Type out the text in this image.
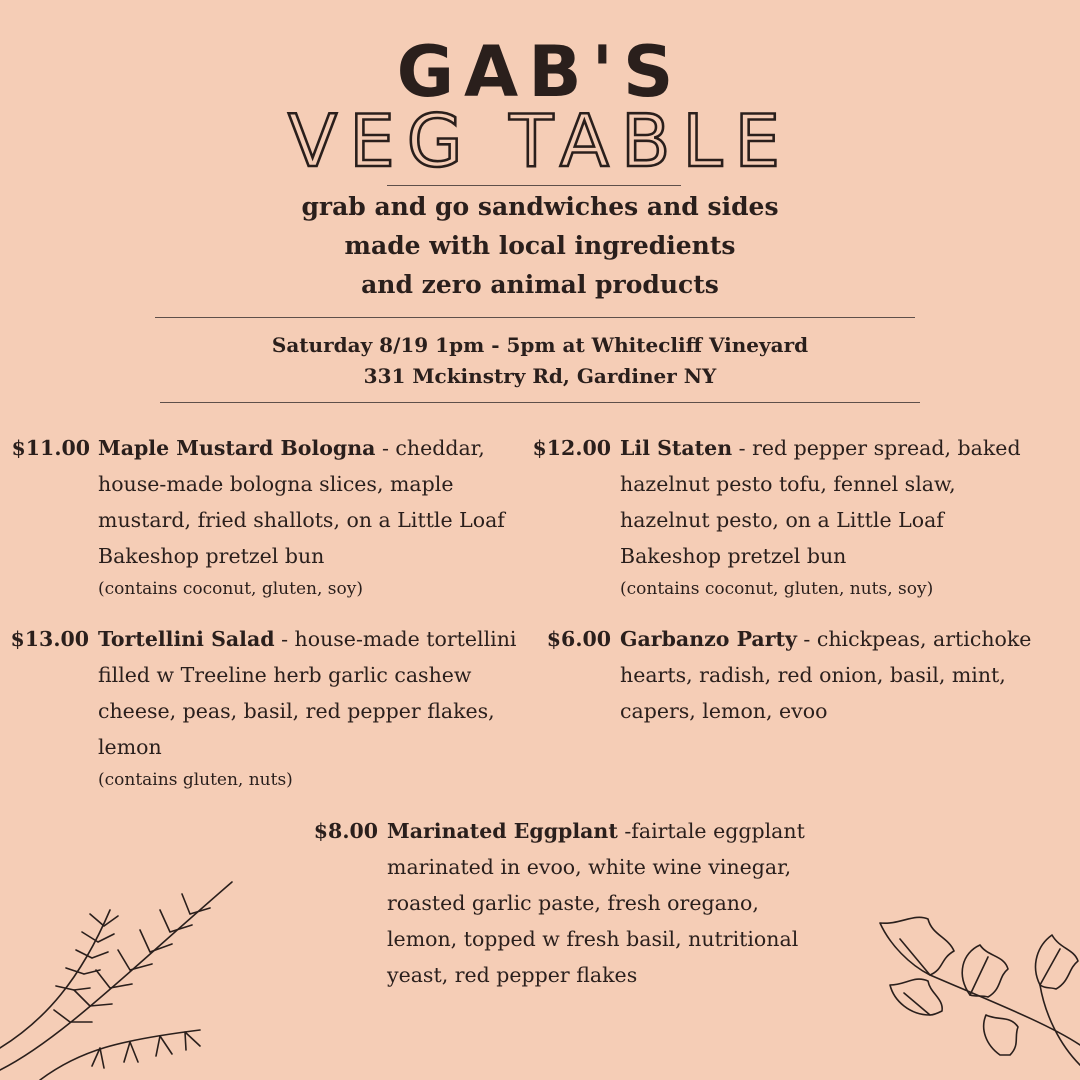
GAB'S
VEG TABLE
grab and go sandwiches and sides
made with local ingredients
and zero animal products
Saturday 8/19 1pm - 5pm at Whitecliff Vineyard
331 Mckinstry Rd, Gardiner NY
$11.00 Maple Mustard Bologna - cheddar,
house-made bologna slices, maple
mustard, fried shallots, on a Little Loaf
Bakeshop pretzel bun
(contains coconut, gluten, soy)
$12.00 Lil Staten - red pepper spread, baked
hazelnut pesto tofu, fennel slaw,
hazelnut pesto, on a Little Loaf
Bakeshop pretzel bun
(contains coconut, gluten, nuts, soy)
$13.00 Tortellini Salad - house-made tortellini
filled w Treeline herb garlic cashew
cheese, peas, basil, red pepper flakes,
lemon
(contains gluten, nuts)
$6.00 Garbanzo Party - chickpeas, artichoke
hearts, radish, red onion, basil, mint,
capers, lemon, evoo
$8.00 Marinated Eggplant -fairtale eggplant
marinated in evoo, white wine vinegar,
roasted garlic paste, fresh oregano,
lemon, topped w fresh basil, nutritional
yeast, red pepper flakes
